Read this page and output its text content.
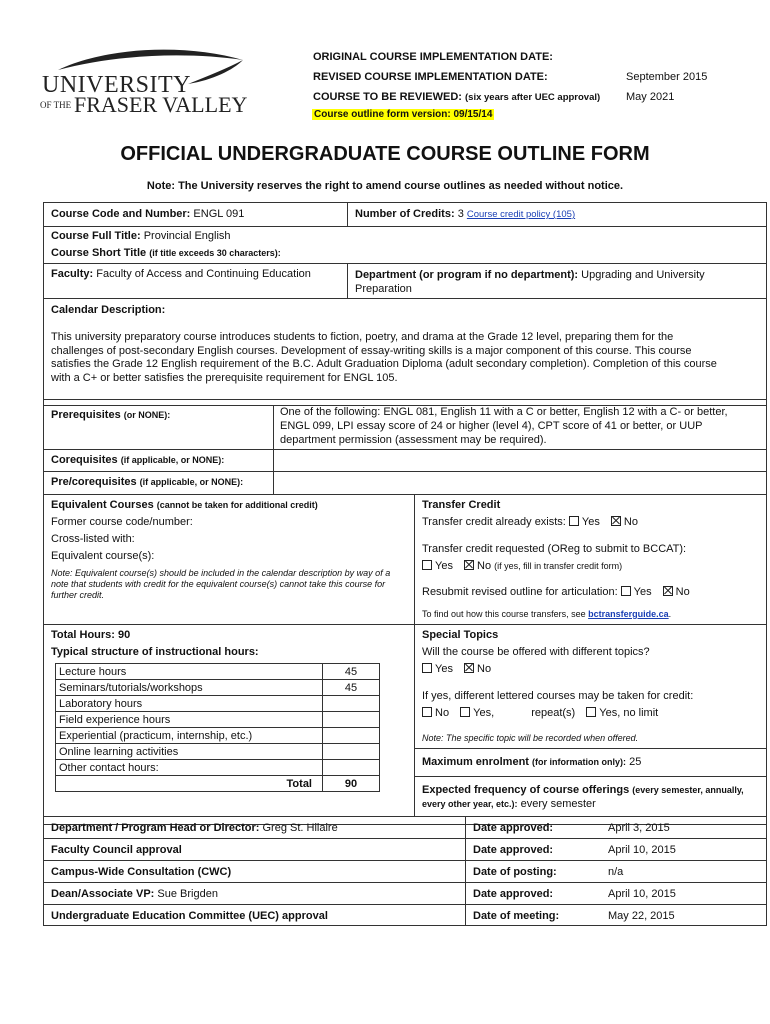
UNIVERSITY
OF THE FRASER VALLEY
ORIGINAL COURSE IMPLEMENTATION DATE:
REVISED COURSE IMPLEMENTATION DATE:	September 2015
COURSE TO BE REVIEWED: (six years after UEC approval) May 2021
Course outline form version: 09/15/14
OFFICIAL UNDERGRADUATE COURSE OUTLINE FORM
Note: The University reserves the right to amend course outlines as needed without notice.
Course Code and Number: ENGL 091	Number of Credits: 3 Course credit policy (105)
Course Full Title: Provincial English
Course Short Title (if title exceeds 30 characters):
Faculty: Faculty of Access and Continuing Education	Department (or program if no department): Upgrading and University Preparation
Calendar Description:
This university preparatory course introduces students to fiction, poetry, and drama at the Grade 12 level, preparing them for the challenges of post-secondary English courses. Development of essay-writing skills is a major component of this course. This course satisfies the Grade 12 English requirement of the B.C. Adult Graduation Diploma (adult secondary completion). Completion of this course with a C+ or better satisfies the prerequisite requirement for ENGL 105.
Prerequisites (or NONE):	One of the following: ENGL 081, English 11 with a C or better, English 12 with a C- or better, ENGL 099, LPI essay score of 24 or higher (level 4), CPT score of 41 or better, or UUP department permission (assessment may be required).
Corequisites (if applicable, or NONE):
Pre/corequisites (if applicable, or NONE):
Equivalent Courses (cannot be taken for additional credit)
Former course code/number:
Cross-listed with:
Equivalent course(s):
Note: Equivalent course(s) should be included in the calendar description by way of a note that students with credit for the equivalent course(s) cannot take this course for further credit.
Transfer Credit
Transfer credit already exists: Yes No
Transfer credit requested (OReg to submit to BCCAT):
Yes No (if yes, fill in transfer credit form)
Resubmit revised outline for articulation: Yes No
To find out how this course transfers, see bctransferguide.ca.
Total Hours: 90
Typical structure of instructional hours:
Lecture hours	45
Seminars/tutorials/workshops	45
Laboratory hours	
Field experience hours	
Experiential (practicum, internship, etc.)	
Online learning activities	
Other contact hours:	
Total	90
Special Topics
Will the course be offered with different topics?
Yes No
If yes, different lettered courses may be taken for credit:
No Yes,	repeat(s) Yes, no limit
Note: The specific topic will be recorded when offered.
Maximum enrolment (for information only): 25
Expected frequency of course offerings (every semester, annually, every other year, etc.): every semester
Department / Program Head or Director: Greg St. Hilaire	Date approved:	April 3, 2015
Faculty Council approval	Date approved:	April 10, 2015
Campus-Wide Consultation (CWC)	Date of posting:	n/a
Dean/Associate VP: Sue Brigden	Date approved:	April 10, 2015
Undergraduate Education Committee (UEC) approval	Date of meeting:	May 22, 2015
